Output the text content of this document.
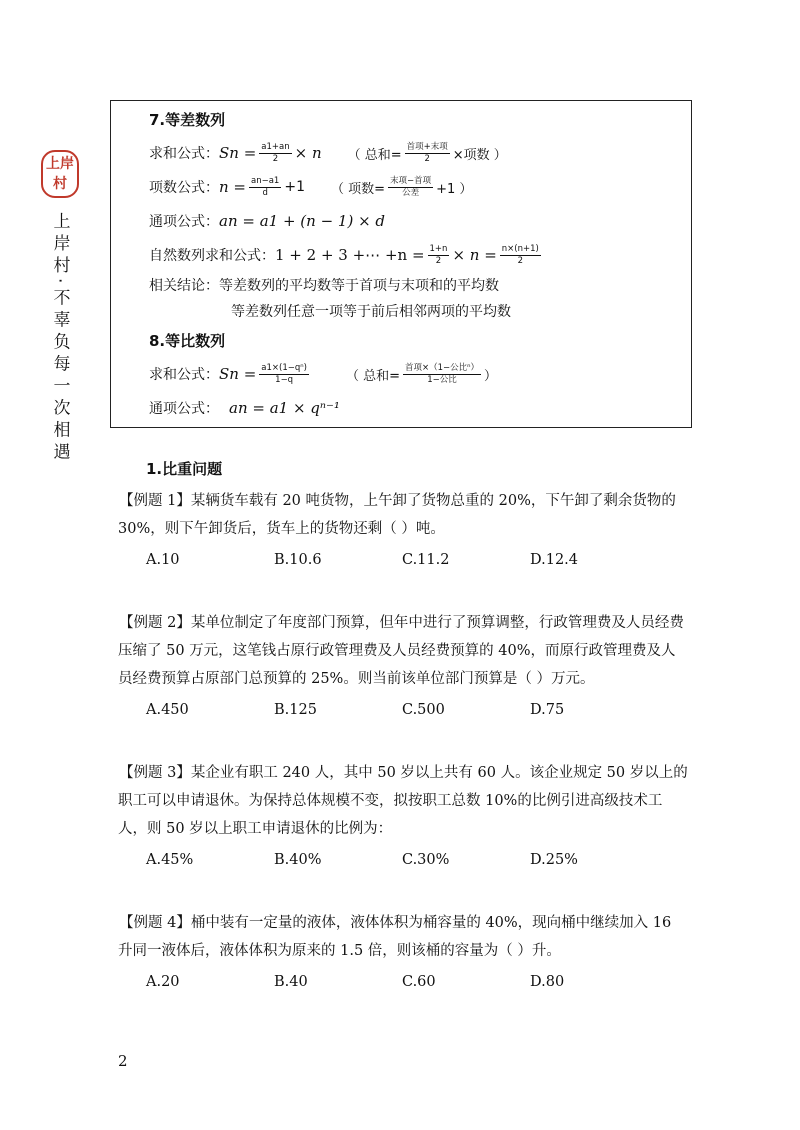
上岸
村
上岸村·不辜负每一次相遇
7.等差数列
求和公式： $Sn = \frac{a1+an}{2} \times n$ （ 总和= $\frac{\text{首项+末项}}{2}$ ×项数 ）
项数公式： $n = \frac{an-a1}{d} +1$ （ 项数= $\frac{\text{末项−首项}}{\text{公差}} +1$ ）
通项公式： an = a1 + (n − 1) × d
自然数列求和公式： 1 + 2 + 3 +⋯ $+n = \frac{1+n}{2} \times n = \frac{n\times(n+1)}{2}$
相关结论： 等差数列的平均数等于首项与末项和的平均数
等差数列任意一项等于前后相邻两项的平均数
8.等比数列
求和公式： $Sn = \frac{\text{a1×(1−qⁿ)}}{1-q}$	（ 总和= $\frac{\text{首项×（1−公比ⁿ）}}{\text{1−公比}}$ ）
通项公式： an = a1 × qⁿ⁻¹
1.比重问题

【例题 1】某辆货车载有 20 吨货物，上午卸了货物总重的 20%，下午卸了剩余货物的 30%，则下午卸货后，货车上的货物还剩（ ）吨。

A.10	B.10.6	C.11.2	D.12.4

【例题 2】某单位制定了年度部门预算，但年中进行了预算调整，行政管理费及人员经费压缩了 50 万元，这笔钱占原行政管理费及人员经费预算的 40%，而原行政管理费及人员经费预算占原部门总预算的 25%。则当前该单位部门预算是（ ）万元。

A.450	B.125	C.500	D.75

【例题 3】某企业有职工 240 人，其中 50 岁以上共有 60 人。该企业规定 50 岁以上的职工可以申请退休。为保持总体规模不变，拟按职工总数 10%的比例引进高级技术工人，则 50 岁以上职工申请退休的比例为：

A.45%	B.40%	C.30%	D.25%

【例题 4】桶中装有一定量的液体，液体体积为桶容量的 40%，现向桶中继续加入 16 升同一液体后，液体体积为原来的 1.5 倍，则该桶的容量为（ ）升。

A.20	B.40	C.60	D.80
2
